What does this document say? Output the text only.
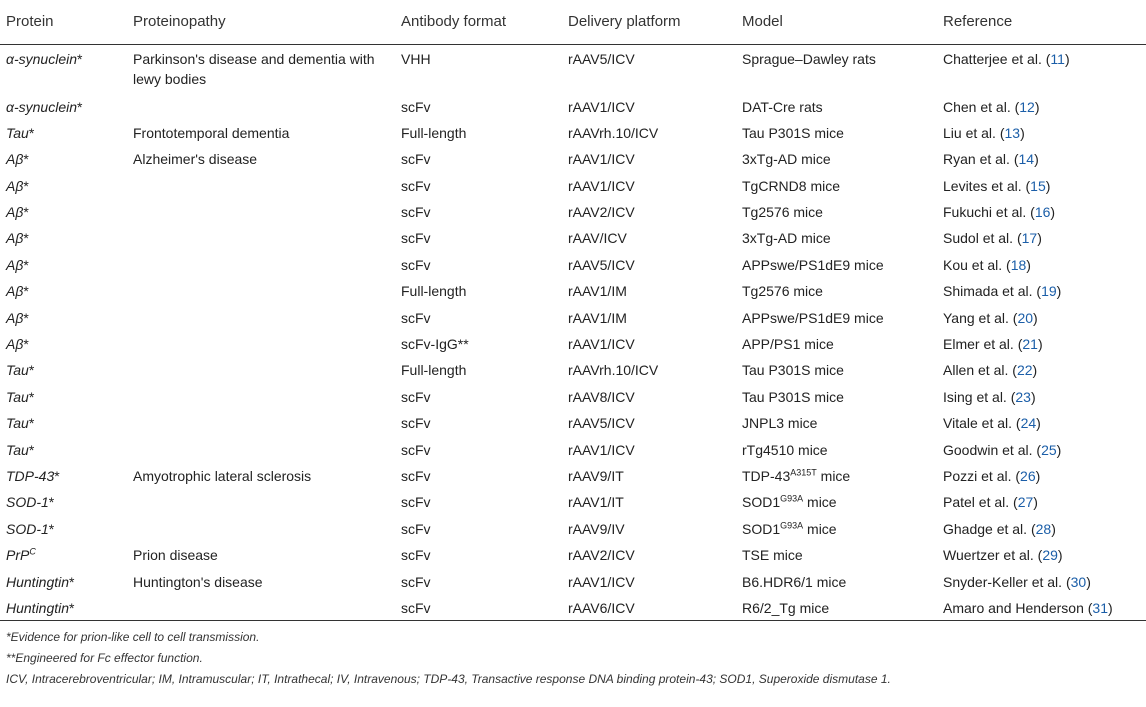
Protein	Proteinopathy	Antibody format	Delivery platform	Model	Reference
α-synuclein*	Parkinson's disease and dementia with lewy bodies	VHH	rAAV5/ICV	Sprague–Dawley rats	Chatterjee et al. (11)
α-synuclein*		scFv	rAAV1/ICV	DAT-Cre rats	Chen et al. (12)
Tau*	Frontotemporal dementia	Full-length	rAAVrh.10/ICV	Tau P301S mice	Liu et al. (13)
Aβ*	Alzheimer's disease	scFv	rAAV1/ICV	3xTg-AD mice	Ryan et al. (14)
Aβ*		scFv	rAAV1/ICV	TgCRND8 mice	Levites et al. (15)
Aβ*		scFv	rAAV2/ICV	Tg2576 mice	Fukuchi et al. (16)
Aβ*		scFv	rAAV/ICV	3xTg-AD mice	Sudol et al. (17)
Aβ*		scFv	rAAV5/ICV	APPswe/PS1dE9 mice	Kou et al. (18)
Aβ*		Full-length	rAAV1/IM	Tg2576 mice	Shimada et al. (19)
Aβ*		scFv	rAAV1/IM	APPswe/PS1dE9 mice	Yang et al. (20)
Aβ*		scFv-IgG**	rAAV1/ICV	APP/PS1 mice	Elmer et al. (21)
Tau*		Full-length	rAAVrh.10/ICV	Tau P301S mice	Allen et al. (22)
Tau*		scFv	rAAV8/ICV	Tau P301S mice	Ising et al. (23)
Tau*		scFv	rAAV5/ICV	JNPL3 mice	Vitale et al. (24)
Tau*		scFv	rAAV1/ICV	rTg4510 mice	Goodwin et al. (25)
TDP-43*	Amyotrophic lateral sclerosis	scFv	rAAV9/IT	TDP-$43^{A315T}$ mice	Pozzi et al. (26)
SOD-1*		scFv	rAAV1/IT	$SOD1^{G93A}$ mice	Patel et al. (27)
SOD-1*		scFv	rAAV9/IV	$SOD1^{G93A}$ mice	Ghadge et al. (28)
PrP$^C$	Prion disease	scFv	rAAV2/ICV	TSE mice	Wuertzer et al. (29)
Huntingtin*	Huntington's disease	scFv	rAAV1/ICV	B6.HDR6/1 mice	Snyder-Keller et al. (30)
Huntingtin*		scFv	rAAV6/ICV	R6/2_Tg mice	Amaro and Henderson (31)
*Evidence for prion-like cell to cell transmission.
**Engineered for Fc effector function.
ICV, Intracerebroventricular; IM, Intramuscular; IT, Intrathecal; IV, Intravenous; TDP-43, Transactive response DNA binding protein-43; SOD1, Superoxide dismutase 1.
